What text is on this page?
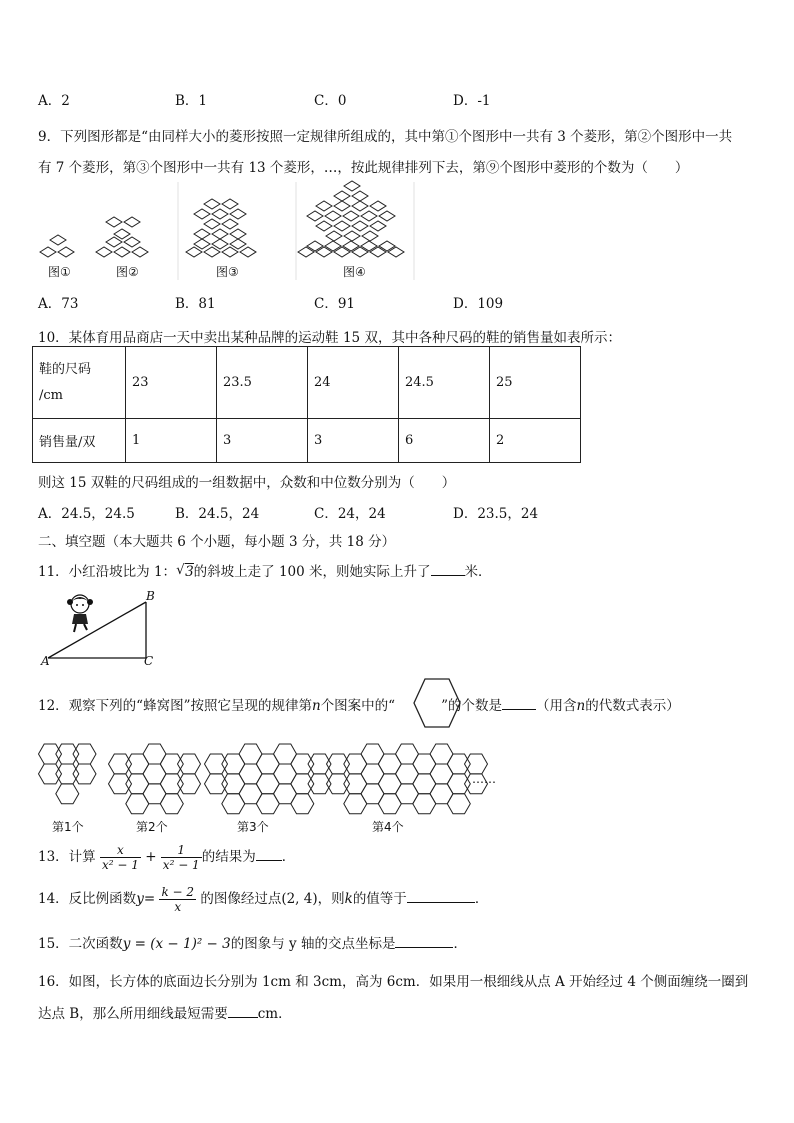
A．2	B．1	C．0	D．-1
9．下列图形都是“由同样大小的菱形按照一定规律所组成的，其中第①个图形中一共有 3 个菱形，第②个图形中一共
有 7 个菱形，第③个图形中一共有 13 个菱形，…，按此规律排列下去，第⑨个图形中菱形的个数为（　　）
图①	图②	图③	图④
A．73	B．81	C．91	D．109
10．某体育用品商店一天中卖出某种品牌的运动鞋 15 双，其中各种尺码的鞋的销售量如表所示：
鞋的尺码
/cm	23	23.5	24	24.5	25
销售量/双	1	3	3	6	2
则这 15 双鞋的尺码组成的一组数据中，众数和中位数分别为（　　）
A．24.5，24.5	B．24.5，24	C．24，24	D．23.5，24
二、填空题（本大题共 6 个小题，每小题 3 分，共 18 分）
11．小红沿坡比为 1： √ 3的斜坡上走了 100 米，则她实际上升了	米．
A
B
C
12．观察下列的“蜂窝图”按照它呈现的规律第n个图案中的“	”的个数是	（用含n的代数式表示）
第1个	第2个	第3个	第4个
……
13．计算 $\frac{x}{\text{x² − 1}} + \frac{1}{\text{x² − 1}}$ 的结果为 ．
14．反比例函数$y= \frac{k - 2}{x}$ 的图像经过点(2, 4)，则k的值等于	．
15．二次函数y = (x − 1)² − 3的图象与 y 轴的交点坐标是	．
16．如图，长方体的底面边长分别为 1cm 和 3cm，高为 6cm．如果用一根细线从点 A 开始经过 4 个侧面缠绕一圈到
达点 B，那么所用细线最短需要 cm．
